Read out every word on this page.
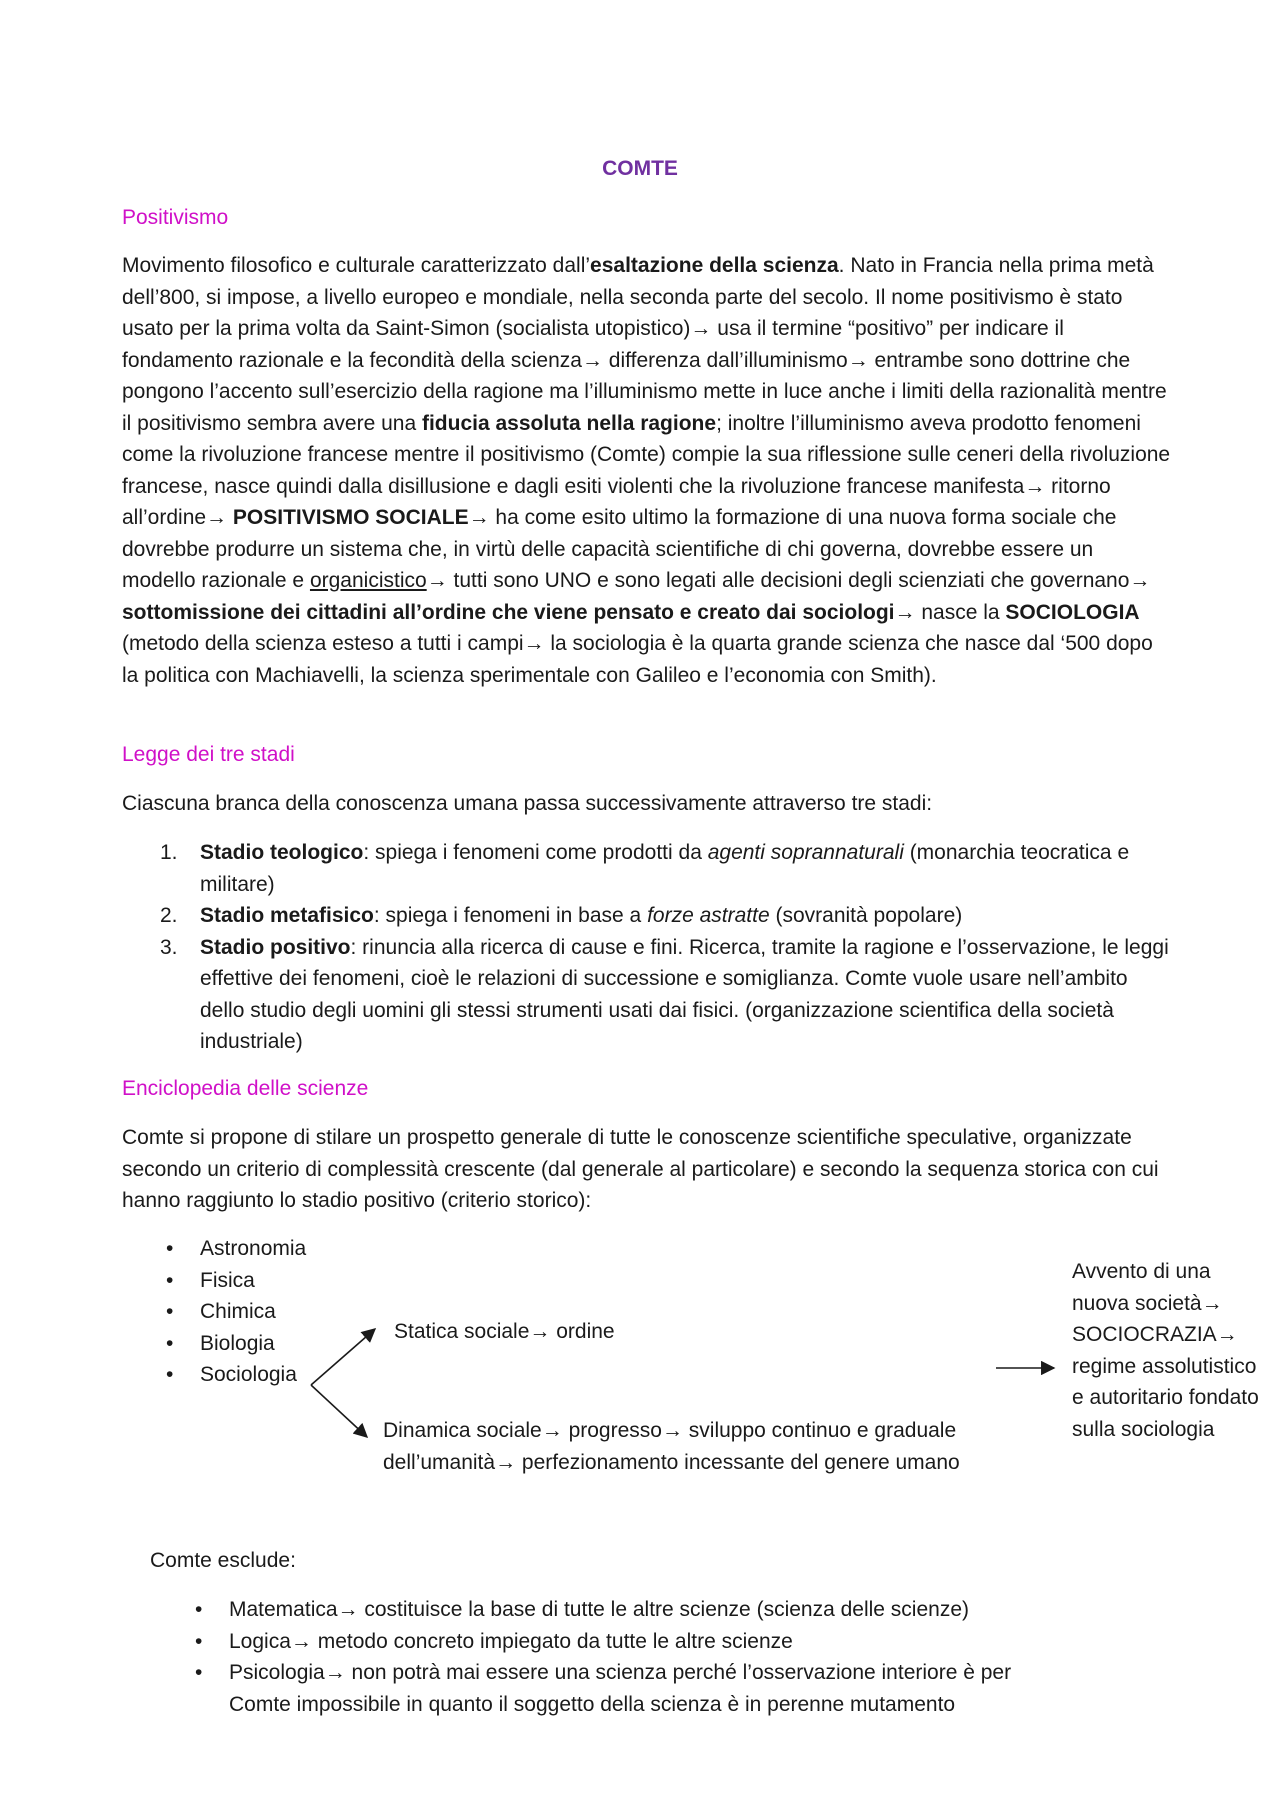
COMTE
Positivismo

Movimento filosofico e culturale caratterizzato dall’esaltazione della scienza. Nato in Francia nella prima metà dell’800, si impose, a livello europeo e mondiale, nella seconda parte del secolo. Il nome positivismo è stato usato per la prima volta da Saint-Simon (socialista utopistico)→ usa il termine “positivo” per indicare il fondamento razionale e la fecondità della scienza→ differenza dall’illuminismo→ entrambe sono dottrine che pongono l’accento sull’esercizio della ragione ma l’illuminismo mette in luce anche i limiti della razionalità mentre il positivismo sembra avere una fiducia assoluta nella ragione; inoltre l’illuminismo aveva prodotto fenomeni come la rivoluzione francese mentre il positivismo (Comte) compie la sua riflessione sulle ceneri della rivoluzione francese, nasce quindi dalla disillusione e dagli esiti violenti che la rivoluzione francese manifesta→ ritorno all’ordine→ POSITIVISMO SOCIALE→ ha come esito ultimo la formazione di una nuova forma sociale che dovrebbe produrre un sistema che, in virtù delle capacità scientifiche di chi governa, dovrebbe essere un modello razionale e organicistico→ tutti sono UNO e sono legati alle decisioni degli scienziati che governano→ sottomissione dei cittadini all’ordine che viene pensato e creato dai sociologi→ nasce la SOCIOLOGIA (metodo della scienza esteso a tutti i campi→ la sociologia è la quarta grande scienza che nasce dal ‘500 dopo la politica con Machiavelli, la scienza sperimentale con Galileo e l’economia con Smith).

Legge dei tre stadi

Ciascuna branca della conoscenza umana passa successivamente attraverso tre stadi:

1. Stadio teologico: spiega i fenomeni come prodotti da agenti soprannaturali (monarchia teocratica e militare)
2. Stadio metafisico: spiega i fenomeni in base a forze astratte (sovranità popolare)
3. Stadio positivo: rinuncia alla ricerca di cause e fini. Ricerca, tramite la ragione e l’osservazione, le leggi effettive dei fenomeni, cioè le relazioni di successione e somiglianza. Comte vuole usare nell’ambito dello studio degli uomini gli stessi strumenti usati dai fisici. (organizzazione scientifica della società industriale)
Enciclopedia delle scienze

Comte si propone di stilare un prospetto generale di tutte le conoscenze scientifiche speculative, organizzate secondo un criterio di complessità crescente (dal generale al particolare) e secondo la sequenza storica con cui hanno raggiunto lo stadio positivo (criterio storico):

• Astronomia
• Fisica
• Chimica
• Biologia
• Sociologia

Statica sociale→ ordine

Dinamica sociale→ progresso→ sviluppo continuo e graduale dell’umanità→ perfezionamento incessante del genere umano

Avvento di una nuova società→ SOCIOCRAZIA→ regime assolutistico e autoritario fondato sulla sociologia

Comte esclude:

• Matematica→ costituisce la base di tutte le altre scienze (scienza delle scienze)
• Logica→ metodo concreto impiegato da tutte le altre scienze
• Psicologia→ non potrà mai essere una scienza perché l’osservazione interiore è per Comte impossibile in quanto il soggetto della scienza è in perenne mutamento
